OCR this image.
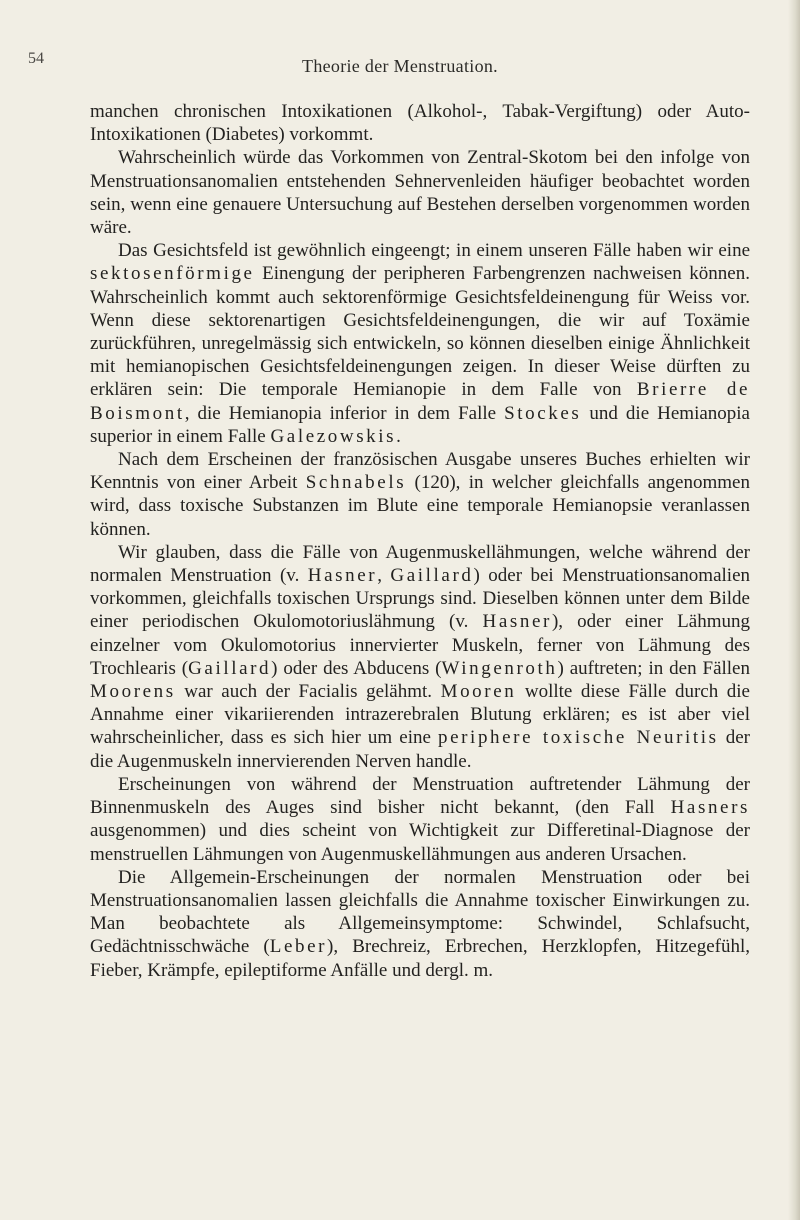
54	Theorie der Menstruation.

manchen chronischen Intoxikationen (Alkohol-, Tabak-Vergiftung) oder Auto-Intoxikationen (Diabetes) vorkommt.

Wahrscheinlich würde das Vorkommen von Zentral-Skotom bei den infolge von Menstruationsanomalien entstehenden Sehnervenleiden häufiger beobachtet worden sein, wenn eine genauere Untersuchung auf Bestehen derselben vorgenommen worden wäre.

Das Gesichtsfeld ist gewöhnlich eingeengt; in einem unseren Fälle haben wir eine sektosenförmige Einengung der peripheren Farbengrenzen nachweisen können. Wahrscheinlich kommt auch sektorenförmige Gesichtsfeldeinengung für Weiss vor. Wenn diese sektorenartigen Gesichtsfeldeinengungen, die wir auf Toxämie zurückführen, unregelmässig sich entwickeln, so können dieselben einige Ähnlichkeit mit hemianopischen Gesichtsfeldeinengungen zeigen. In dieser Weise dürften zu erklären sein: Die temporale Hemianopie in dem Falle von Brierre de Boismont, die Hemianopia inferior in dem Falle Stockes und die Hemianopia superior in einem Falle Galezowskis.

Nach dem Erscheinen der französischen Ausgabe unseres Buches erhielten wir Kenntnis von einer Arbeit Schnabels (120), in welcher gleichfalls angenommen wird, dass toxische Substanzen im Blute eine temporale Hemianopsie veranlassen können.

Wir glauben, dass die Fälle von Augenmuskellähmungen, welche während der normalen Menstruation (v. Hasner, Gaillard) oder bei Menstruationsanomalien vorkommen, gleichfalls toxischen Ursprungs sind. Dieselben können unter dem Bilde einer periodischen Okulomotoriuslähmung (v. Hasner), oder einer Lähmung einzelner vom Okulomotorius innervierter Muskeln, ferner von Lähmung des Trochlearis (Gaillard) oder des Abducens (Wingenroth) auftreten; in den Fällen Moorens war auch der Facialis gelähmt. Mooren wollte diese Fälle durch die Annahme einer vikariierenden intrazerebralen Blutung erklären; es ist aber viel wahrscheinlicher, dass es sich hier um eine periphere toxische Neuritis der die Augenmuskeln innervierenden Nerven handle.

Erscheinungen von während der Menstruation auftretender Lähmung der Binnenmuskeln des Auges sind bisher nicht bekannt, (den Fall Hasners ausgenommen) und dies scheint von Wichtigkeit zur Differetinal-Diagnose der menstruellen Lähmungen von Augenmuskellähmungen aus anderen Ursachen.

Die Allgemein-Erscheinungen der normalen Menstruation oder bei Menstruationsanomalien lassen gleichfalls die Annahme toxischer Einwirkungen zu. Man beobachtete als Allgemeinsymptome: Schwindel, Schlafsucht, Gedächtnisschwäche (Leber), Brechreiz, Erbrechen, Herzklopfen, Hitzegefühl, Fieber, Krämpfe, epileptiforme Anfälle und dergl. m.
